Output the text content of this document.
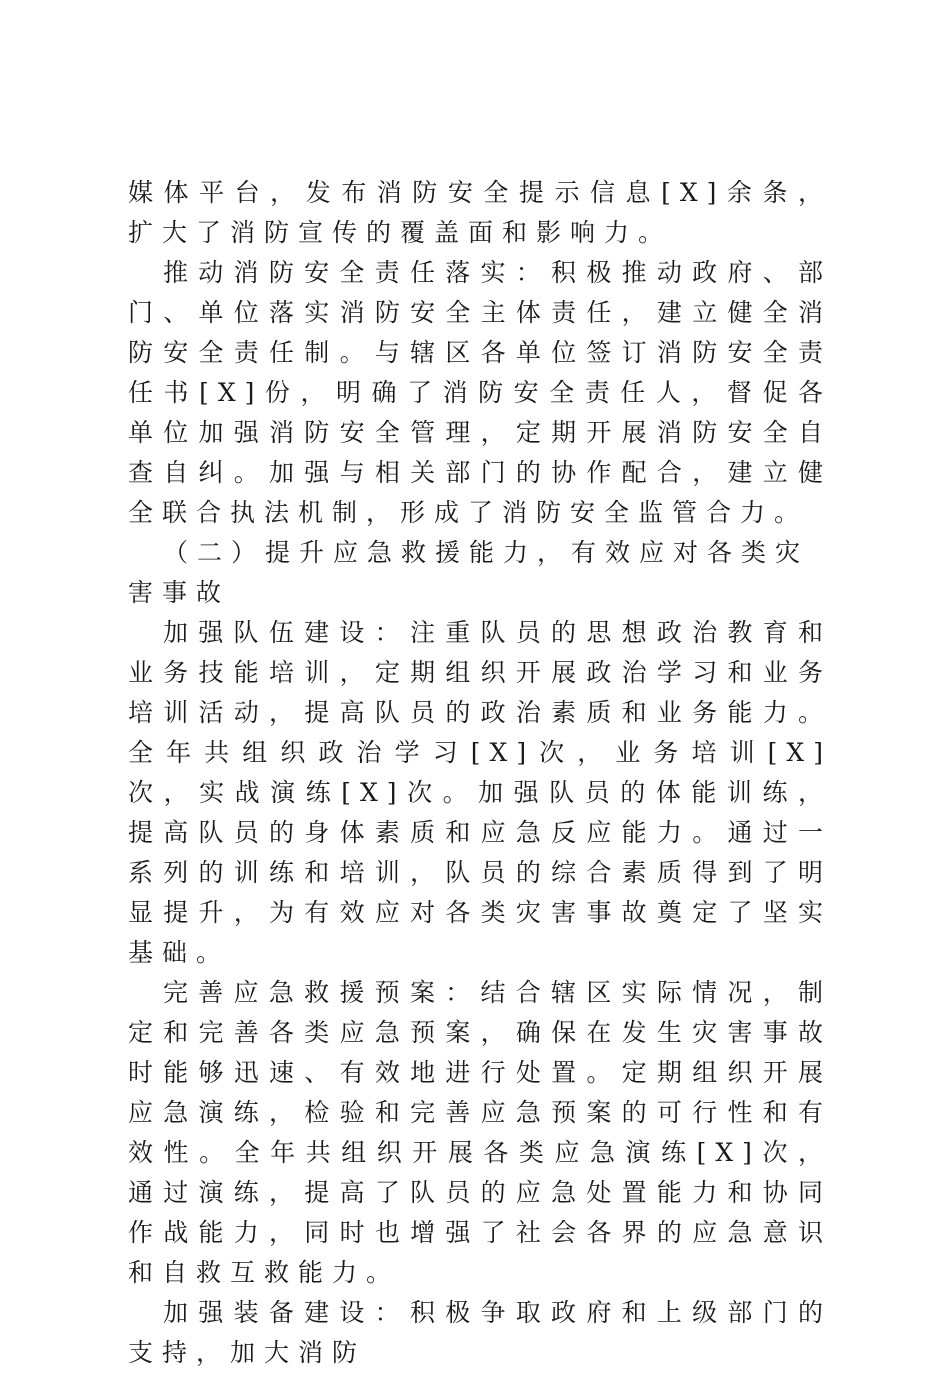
媒体平台，发布消防安全提示信息[X]余条，扩大了消防宣传的覆盖面和影响力。

推动消防安全责任落实：积极推动政府、部门、单位落实消防安全主体责任，建立健全消防安全责任制。与辖区各单位签订消防安全责任书[X]份，明确了消防安全责任人，督促各单位加强消防安全管理，定期开展消防安全自查自纠。加强与相关部门的协作配合，建立健全联合执法机制，形成了消防安全监管合力。

（二）提升应急救援能力，有效应对各类灾害事故

加强队伍建设：注重队员的思想政治教育和业务技能培训，定期组织开展政治学习和业务培训活动，提高队员的政治素质和业务能力。全年共组织政治学习[X]次，业务培训[X]次，实战演练[X]次。加强队员的体能训练，提高队员的身体素质和应急反应能力。通过一系列的训练和培训，队员的综合素质得到了明显提升，为有效应对各类灾害事故奠定了坚实基础。

完善应急救援预案：结合辖区实际情况，制定和完善各类应急预案，确保在发生灾害事故时能够迅速、有效地进行处置。定期组织开展应急演练，检验和完善应急预案的可行性和有效性。全年共组织开展各类应急演练[X]次，通过演练，提高了队员的应急处置能力和协同作战能力，同时也增强了社会各界的应急意识和自救互救能力。

加强装备建设：积极争取政府和上级部门的支持，加大消防
